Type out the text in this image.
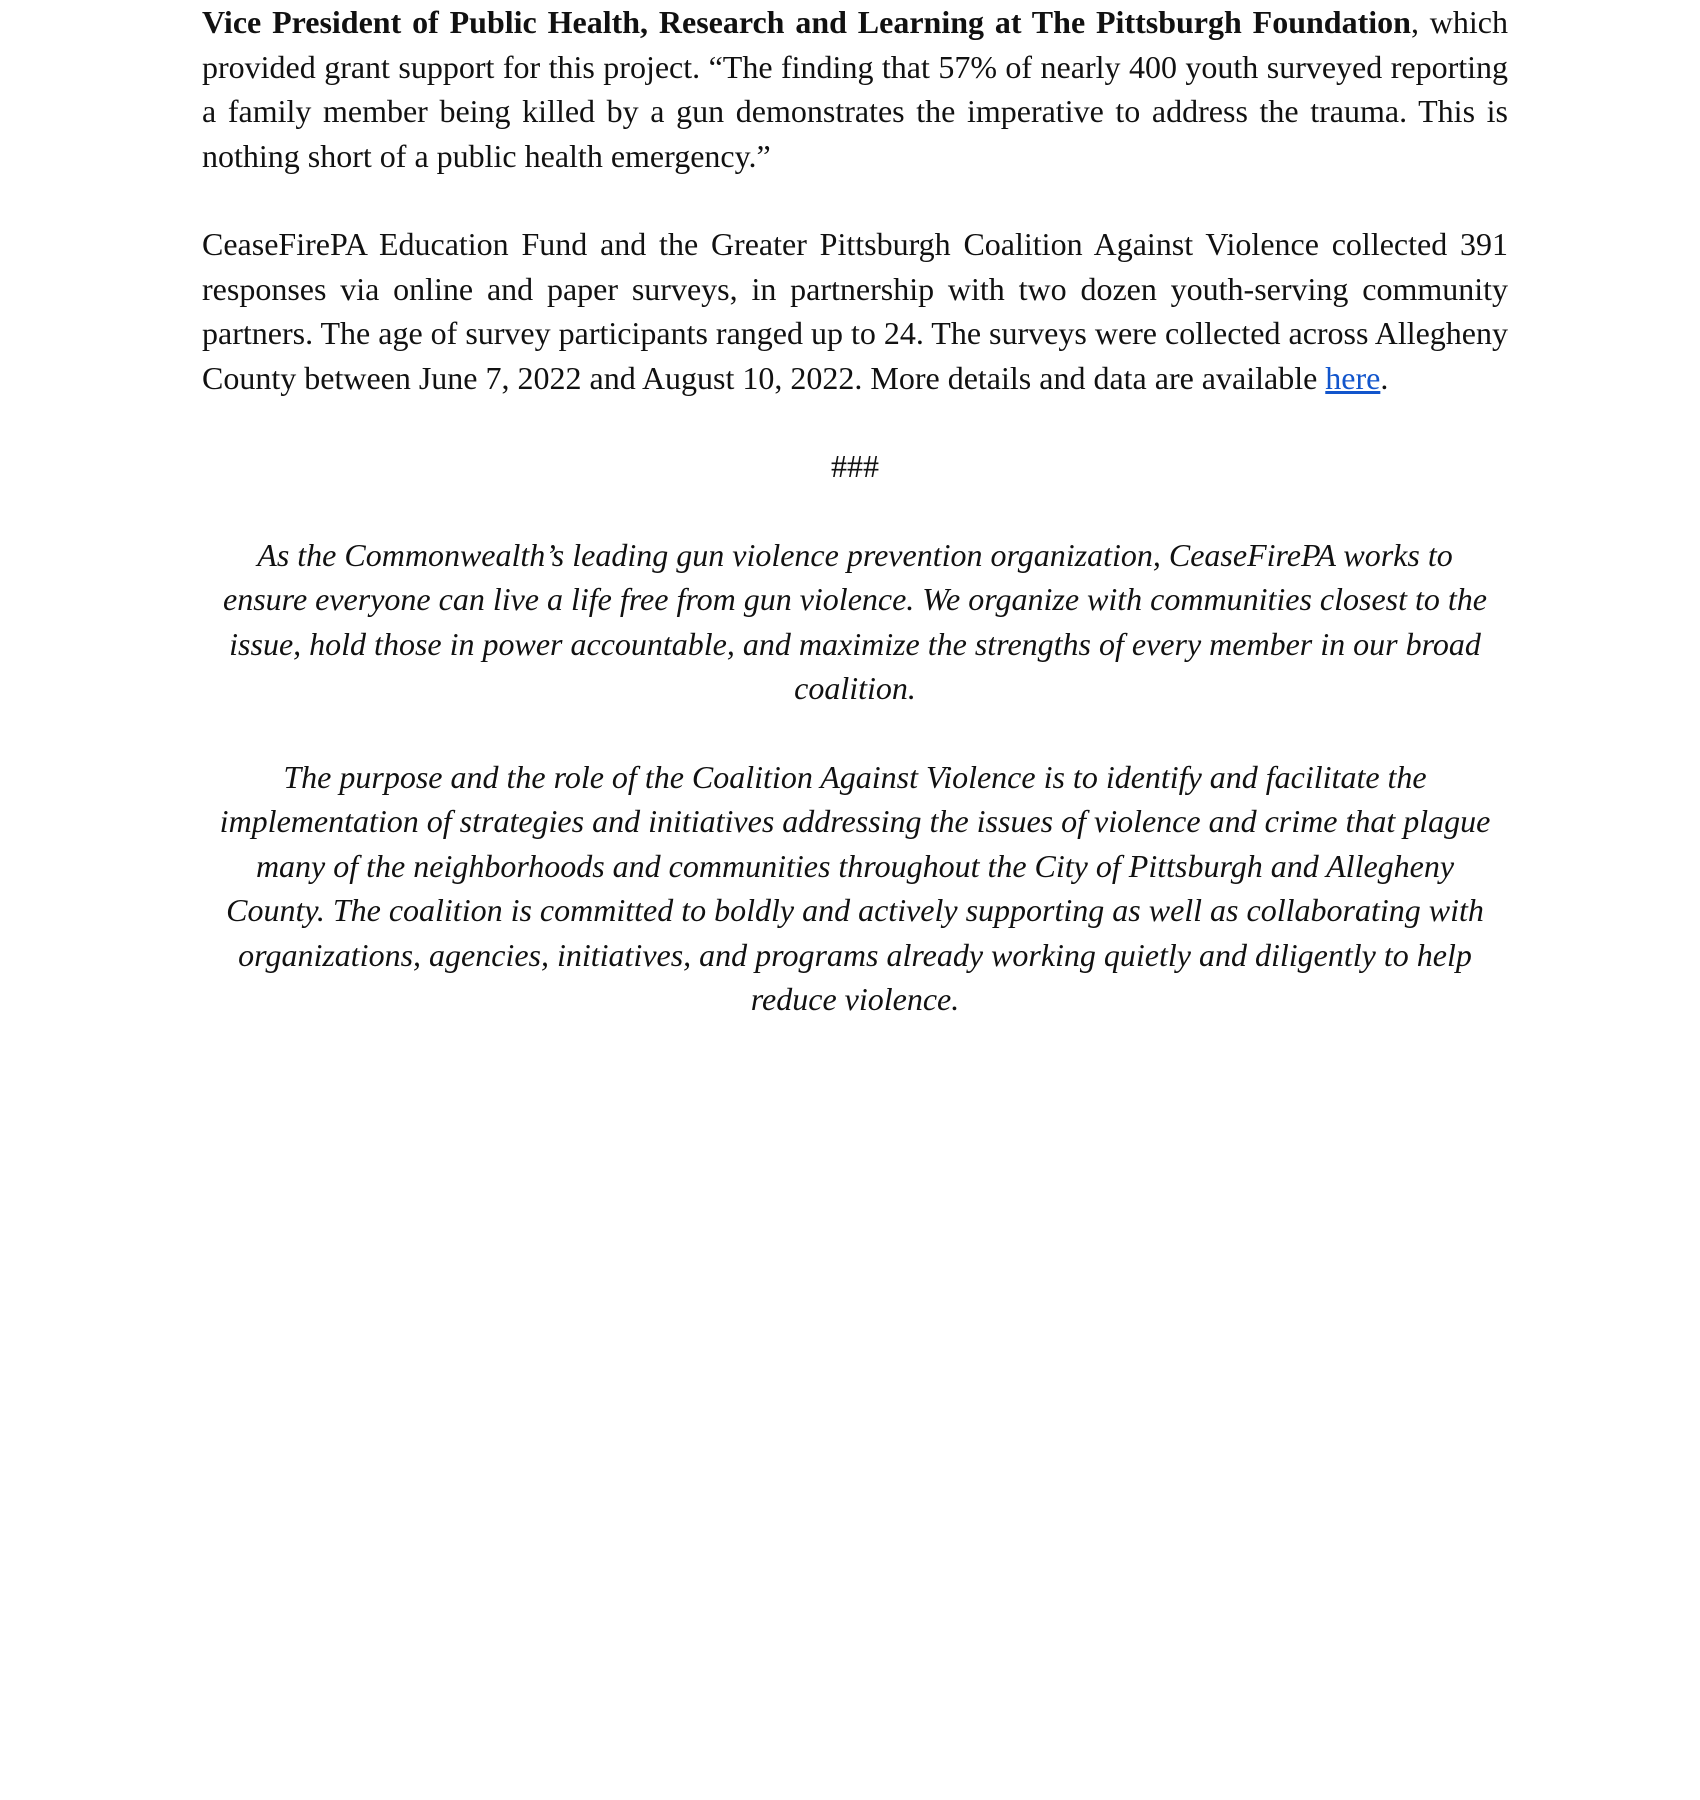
Vice President of Public Health, Research and Learning at The Pittsburgh Foundation, which provided grant support for this project. “The finding that 57% of nearly 400 youth surveyed reporting a family member being killed by a gun demonstrates the imperative to address the trauma. This is nothing short of a public health emergency.”

CeaseFirePA Education Fund and the Greater Pittsburgh Coalition Against Violence collected 391 responses via online and paper surveys, in partnership with two dozen youth-serving community partners. The age of survey participants ranged up to 24. The surveys were collected across Allegheny County between June 7, 2022 and August 10, 2022. More details and data are available here.

###

As the Commonwealth’s leading gun violence prevention organization, CeaseFirePA works to ensure everyone can live a life free from gun violence. We organize with communities closest to the issue, hold those in power accountable, and maximize the strengths of every member in our broad coalition.

The purpose and the role of the Coalition Against Violence is to identify and facilitate the implementation of strategies and initiatives addressing the issues of violence and crime that plague many of the neighborhoods and communities throughout the City of Pittsburgh and Allegheny County. The coalition is committed to boldly and actively supporting as well as collaborating with organizations, agencies, initiatives, and programs already working quietly and diligently to help reduce violence.
